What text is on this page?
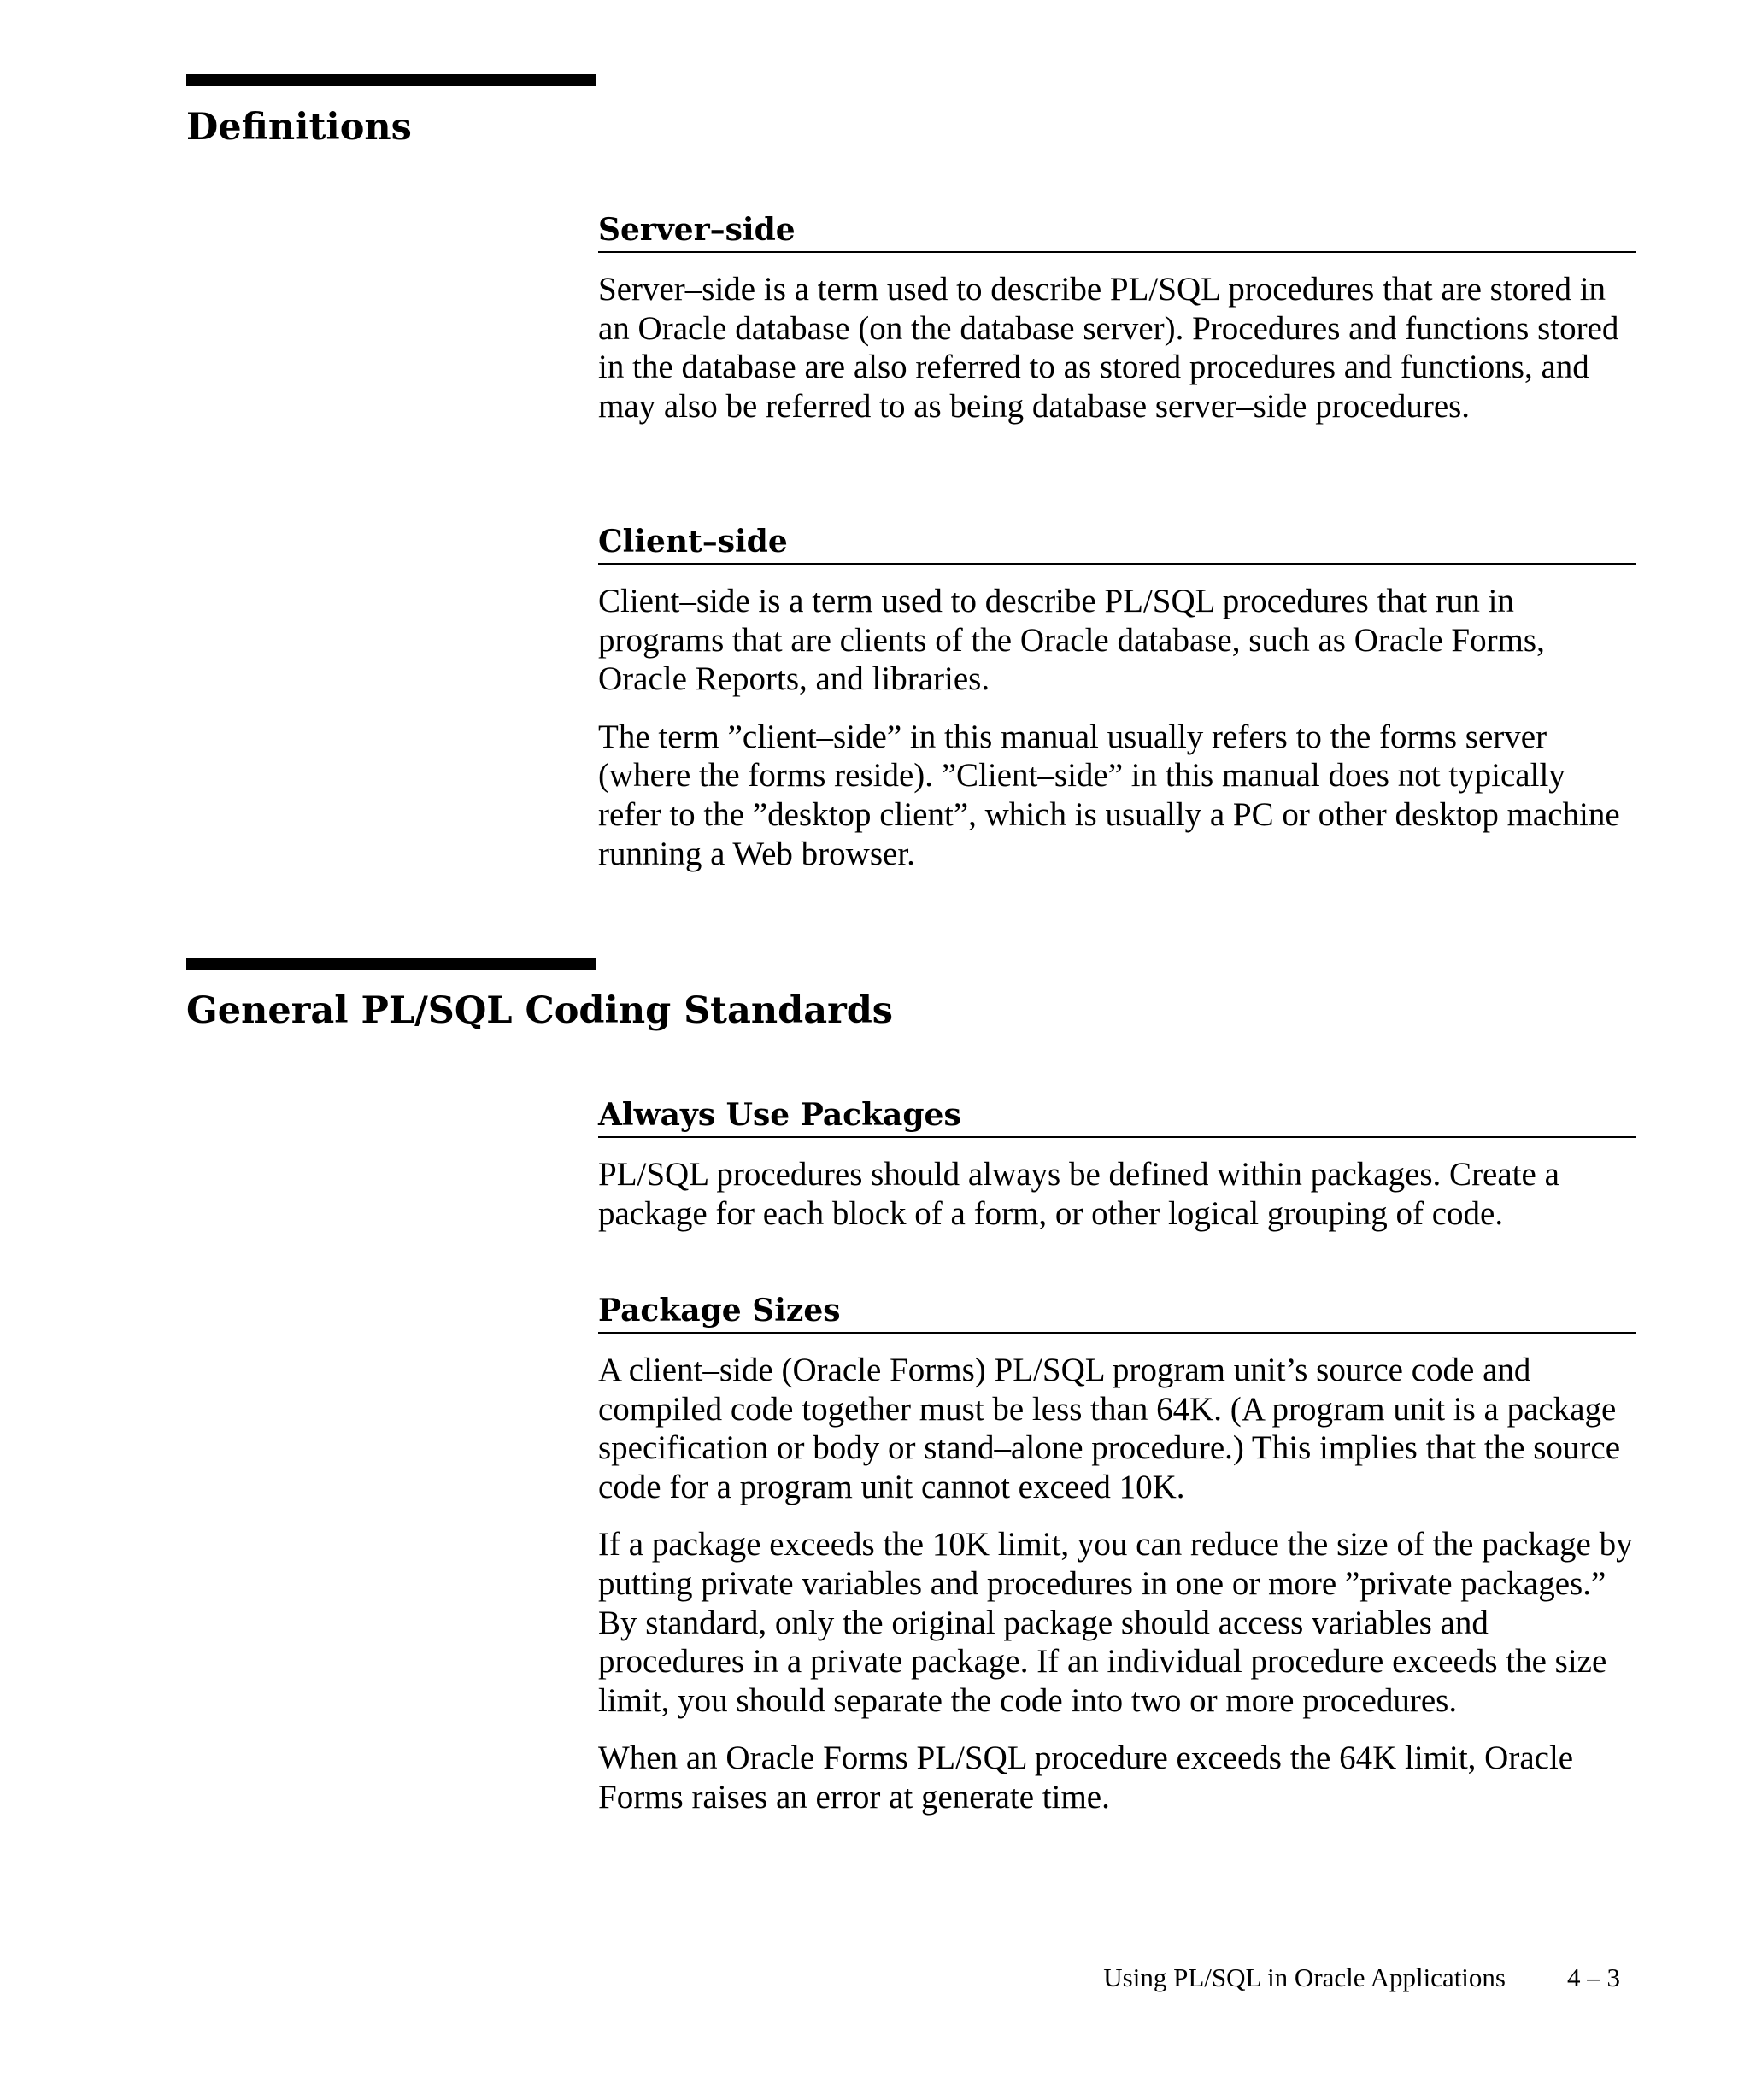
Definitions
Server–side

Server–side is a term used to describe PL/SQL procedures that are stored in an Oracle database (on the database server). Procedures and functions stored in the database are also referred to as stored procedures and functions, and may also be referred to as being database server–side procedures.

Client–side

Client–side is a term used to describe PL/SQL procedures that run in programs that are clients of the Oracle database, such as Oracle Forms, Oracle Reports, and libraries.

The term ”client–side” in this manual usually refers to the forms server (where the forms reside). ”Client–side” in this manual does not typically refer to the ”desktop client”, which is usually a PC or other desktop machine running a Web browser.

General PL/SQL Coding Standards
Always Use Packages

PL/SQL procedures should always be defined within packages. Create a package for each block of a form, or other logical grouping of code.

Package Sizes

A client–side (Oracle Forms) PL/SQL program unit’s source code and compiled code together must be less than 64K. (A program unit is a package specification or body or stand–alone procedure.) This implies that the source code for a program unit cannot exceed 10K.

If a package exceeds the 10K limit, you can reduce the size of the package by putting private variables and procedures in one or more ”private packages.” By standard, only the original package should access variables and procedures in a private package. If an individual procedure exceeds the size limit, you should separate the code into two or more procedures.

When an Oracle Forms PL/SQL procedure exceeds the 64K limit, Oracle Forms raises an error at generate time.

Using PL/SQL in Oracle Applications 4 – 3
